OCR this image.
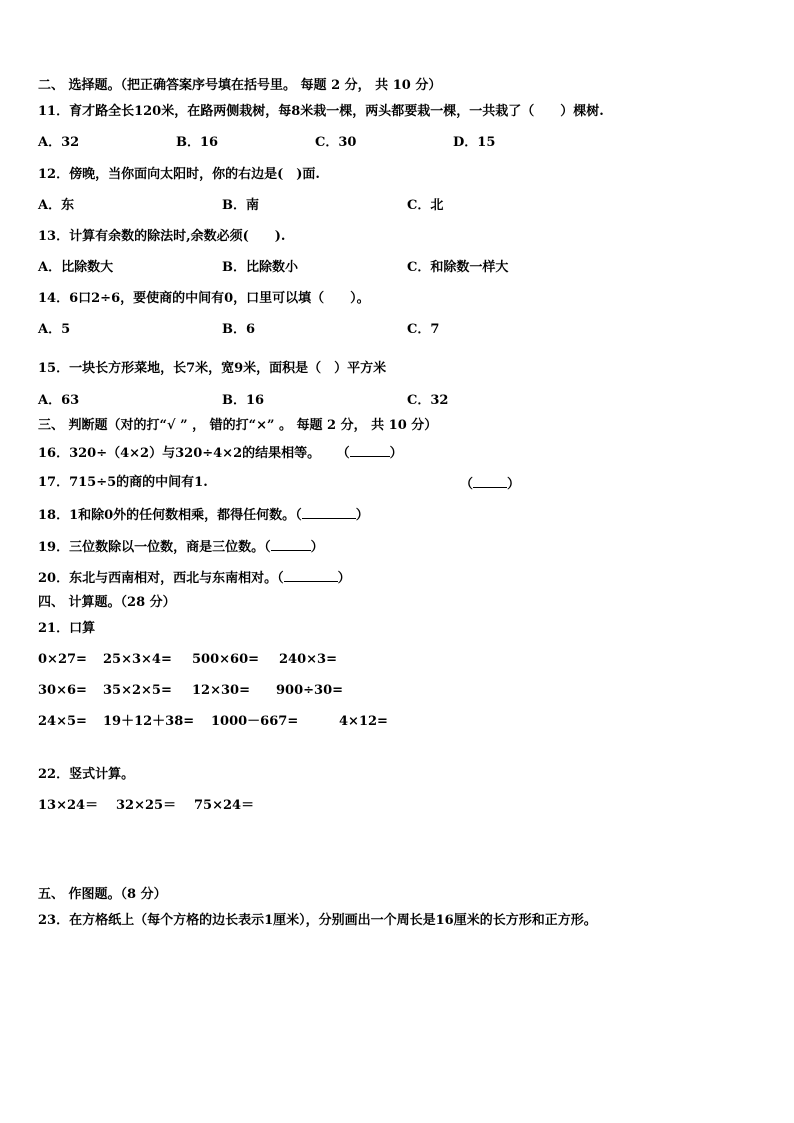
二、 选择题。（把正确答案序号填在括号里。 每题 2 分， 共 10 分）
11．育才路全长120米，在路两侧栽树，每8米栽一棵，两头都要栽一棵，一共栽了（　　）棵树.
A．32	B．16	C．30	D．15
12．傍晚，当你面向太阳时，你的右边是(　)面.
A．东	B．南	C．北
13．计算有余数的除法时,余数必须(　　).
A．比除数大	B．比除数小	C．和除数一样大
14．6口2÷6，要使商的中间有0，口里可以填（　　）。
A．5	B．6	C．7
15．一块长方形菜地，长7米，宽9米，面积是（　）平方米
A．63	B．16	C．32
三、 判断题（对的打“√ ” ， 错的打“×” 。 每题 2 分， 共 10 分）
16．320÷（4×2）与320÷4×2的结果相等。 （	）
17．715÷5的商的中间有1.	（	）
18．1和除0外的任何数相乘，都得任何数。（	）
19．三位数除以一位数，商是三位数。（	）
20．东北与西南相对，西北与东南相对。（	）
四、 计算题。（28 分）
21．口算
0×27= 25×3×4= 500×60= 240×3=
30×6= 35×2×5= 12×30= 900÷30=
24×5= 19＋12＋38= 1000－667=	4×12=
22．竖式计算。
13×24＝ 32×25＝ 75×24＝
五、 作图题。（8 分）
23．在方格纸上（每个方格的边长表示1厘米），分别画出一个周长是16厘米的长方形和正方形。
